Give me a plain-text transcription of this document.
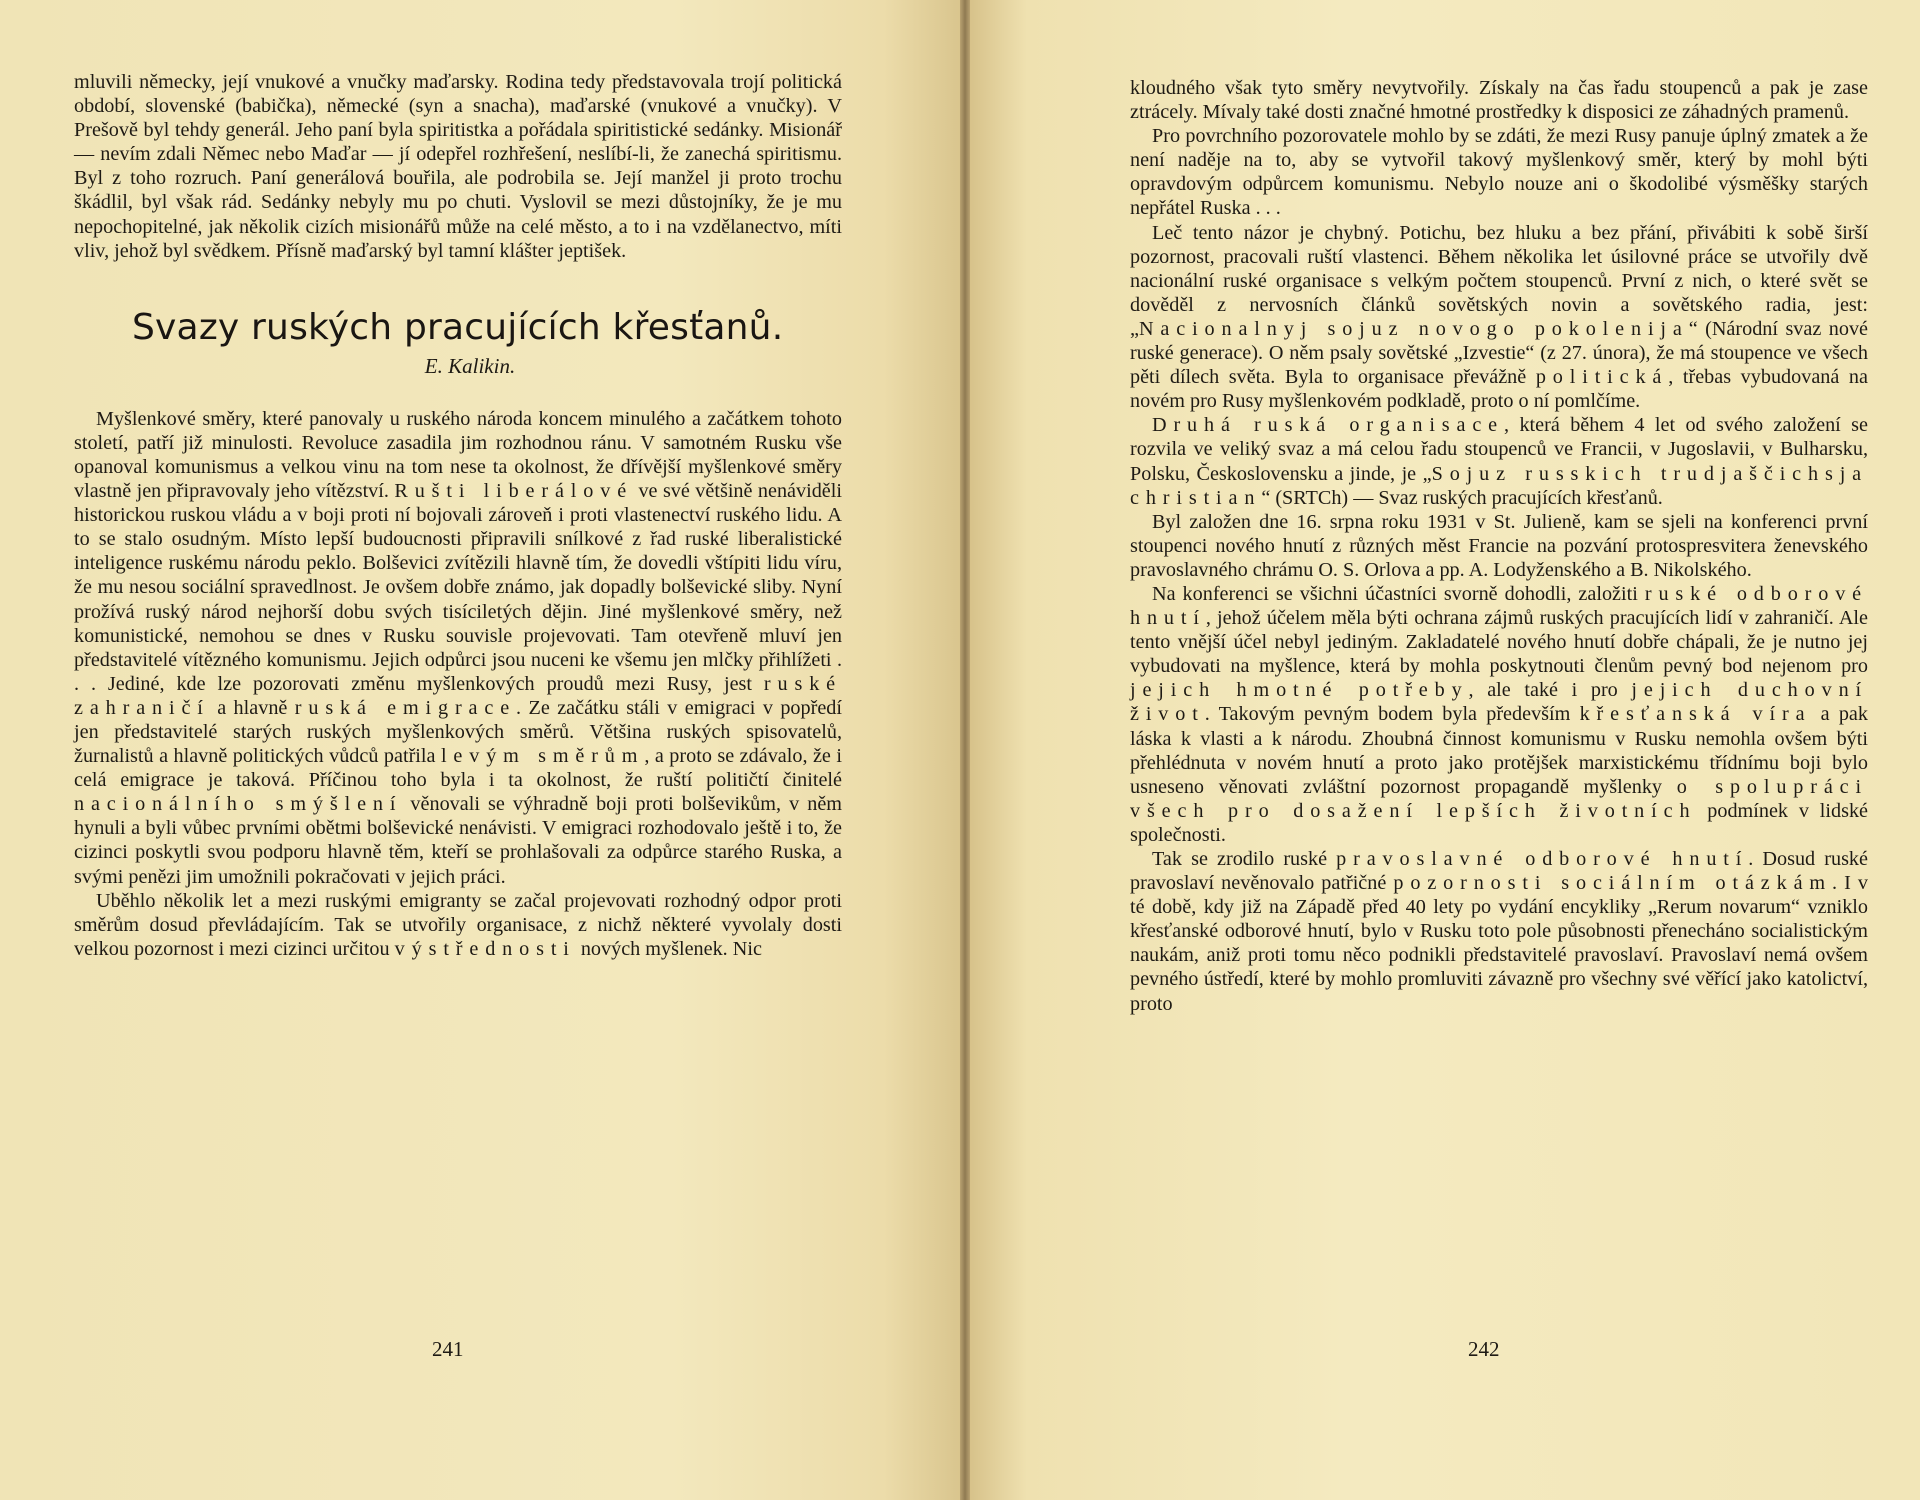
mluvili německy, její vnukové a vnučky maďarsky. Rodina tedy představovala trojí politická období, slovenské (babička), německé (syn a snacha), maďarské (vnukové a vnučky). V Prešově byl tehdy generál. Jeho paní byla spiritistka a pořádala spiritistické sedánky. Misionář — nevím zdali Němec nebo Maďar — jí odepřel rozhřešení, neslíbí-li, že zanechá spiritismu. Byl z toho rozruch. Paní generálová bouřila, ale podrobila se. Její manžel ji proto trochu škádlil, byl však rád. Sedánky nebyly mu po chuti. Vyslovil se mezi důstojníky, že je mu nepochopitelné, jak několik cizích misionářů může na celé město, a to i na vzdělanectvo, míti vliv, jehož byl svědkem. Přísně maďarský byl tamní klášter jeptišek.

Svazy ruských pracujících křesťanů.
E. Kalikin.

Myšlenkové směry, které panovaly u ruského národa koncem minulého a začátkem tohoto století, patří již minulosti. Revoluce zasadila jim rozhodnou ránu. V samotném Rusku vše opanoval komunismus a velkou vinu na tom nese ta okolnost, že dřívější myšlenkové směry vlastně jen připravovaly jeho vítězství. Rušti liberálové ve své většině nenáviděli historickou ruskou vládu a v boji proti ní bojovali zároveň i proti vlastenectví ruského lidu. A to se stalo osudným. Místo lepší budoucnosti připravili snílkové z řad ruské liberalistické inteligence ruskému národu peklo. Bolševici zvítězili hlavně tím, že dovedli vštípiti lidu víru, že mu nesou sociální spravedlnost. Je ovšem dobře známo, jak dopadly bolševické sliby. Nyní prožívá ruský národ nejhorší dobu svých tisíciletých dějin. Jiné myšlenkové směry, než komunistické, nemohou se dnes v Rusku souvisle projevovati. Tam otevřeně mluví jen představitelé vítězného komunismu. Jejich odpůrci jsou nuceni ke všemu jen mlčky přihlížeti . . . Jediné, kde lze pozorovati změnu myšlenkových proudů mezi Rusy, jest ruské zahraničí a hlavně ruská emigrace. Ze začátku stáli v emigraci v popředí jen představitelé starých ruských myšlenkových směrů. Většina ruských spisovatelů, žurnalistů a hlavně politických vůdců patřila levým směrům, a proto se zdávalo, že i celá emigrace je taková. Příčinou toho byla i ta okolnost, že ruští političtí činitelé nacionálního smýšlení věnovali se výhradně boji proti bolševikům, v něm hynuli a byli vůbec prvními obětmi bolševické nenávisti. V emigraci rozhodovalo ještě i to, že cizinci poskytli svou podporu hlavně těm, kteří se prohlašovali za odpůrce starého Ruska, a svými penězi jim umožnili pokračovati v jejich práci.

Uběhlo několik let a mezi ruskými emigranty se začal projevovati rozhodný odpor proti směrům dosud převládajícím. Tak se utvořily organisace, z nichž některé vyvolaly dosti velkou pozornost i mezi cizinci určitou výstřednosti nových myšlenek. Nic

kloudného však tyto směry nevytvořily. Získaly na čas řadu stoupenců a pak je zase ztrácely. Mívaly také dosti značné hmotné prostředky k disposici ze záhadných pramenů.

Pro povrchního pozorovatele mohlo by se zdáti, že mezi Rusy panuje úplný zmatek a že není naděje na to, aby se vytvořil takový myšlenkový směr, který by mohl býti opravdovým odpůrcem komunismu. Nebylo nouze ani o škodolibé výsměšky starých nepřátel Ruska . . .

Leč tento názor je chybný. Potichu, bez hluku a bez přání, přivábiti k sobě širší pozornost, pracovali ruští vlastenci. Během několika let úsilovné práce se utvořily dvě nacionální ruské organisace s velkým počtem stoupenců. První z nich, o které svět se dověděl z nervosních článků sovětských novin a sovětského radia, jest: „Nacionalnyj sojuz novogo pokolenija“ (Národní svaz nové ruské generace). O něm psaly sovětské „Izvestie“ (z 27. února), že má stoupence ve všech pěti dílech světa. Byla to organisace převážně politická, třebas vybudovaná na novém pro Rusy myšlenkovém podkladě, proto o ní pomlčíme.

Druhá ruská organisace, která během 4 let od svého založení se rozvila ve veliký svaz a má celou řadu stoupenců ve Francii, v Jugoslavii, v Bulharsku, Polsku, Československu a jinde, je „Sojuz russkich trudjaščichsja christian“ (SRTCh) — Svaz ruských pracujících křesťanů.

Byl založen dne 16. srpna roku 1931 v St. Julieně, kam se sjeli na konferenci první stoupenci nového hnutí z různých měst Francie na pozvání protospresvitera ženevského pravoslavného chrámu O. S. Orlova a pp. A. Lodyženského a B. Nikolského.

Na konferenci se všichni účastníci svorně dohodli, založiti ruské odborové hnutí, jehož účelem měla býti ochrana zájmů ruských pracujících lidí v zahraničí. Ale tento vnější účel nebyl jediným. Zakladatelé nového hnutí dobře chápali, že je nutno jej vybudovati na myšlence, která by mohla poskytnouti členům pevný bod nejenom pro jejich hmotné potřeby, ale také i pro jejich duchovní život. Takovým pevným bodem byla především křesťanská víra a pak láska k vlasti a k národu. Zhoubná činnost komunismu v Rusku nemohla ovšem býti přehlédnuta v novém hnutí a proto jako protějšek marxistickému třídnímu boji bylo usneseno věnovati zvláštní pozornost propagandě myšlenky o spolupráci všech pro dosažení lepších životních podmínek v lidské společnosti.

Tak se zrodilo ruské pravoslavné odborové hnutí. Dosud ruské pravoslaví nevěnovalo patřičné pozornosti sociálním otázkám. I v té době, kdy již na Západě před 40 lety po vydání encykliky „Rerum novarum“ vzniklo křesťanské odborové hnutí, bylo v Rusku toto pole působnosti přenecháno socialistickým naukám, aniž proti tomu něco podnikli představitelé pravoslaví. Pravoslaví nemá ovšem pevného ústředí, které by mohlo promluviti závazně pro všechny své věřící jako katolictví, proto

241	242
